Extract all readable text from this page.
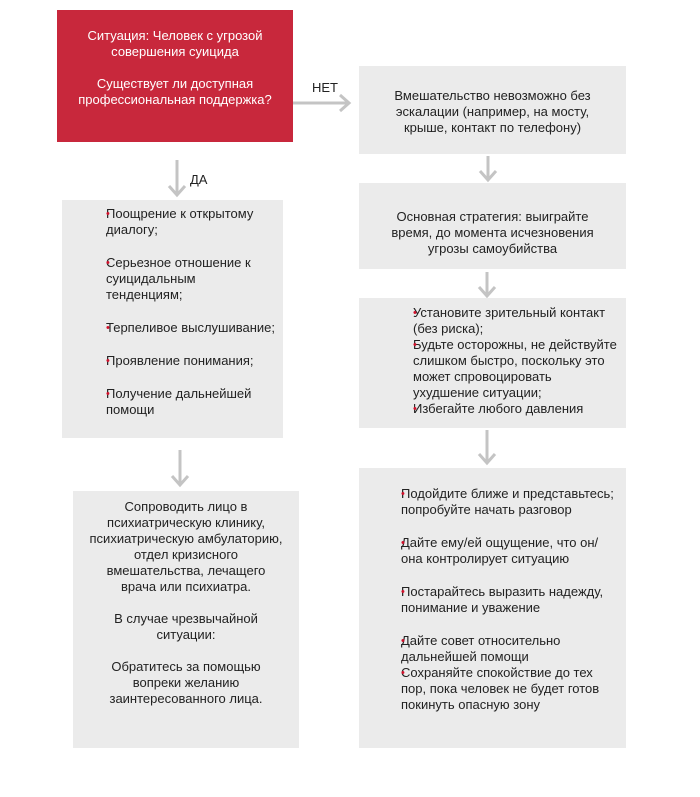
Ситуация: Человек с угрозой совершения суицида

Существует ли доступная профессиональная поддержка?

НЕТ
ДА
• Поощрение к открытому диалогу;
• Серьезное отношение к суицидальным тенденциям;
• Терпеливое выслушивание;
• Проявление понимания;
• Получение дальнейшей помощи

Сопроводить лицо в психиатрическую клинику, психиатрическую амбулаторию, отдел кризисного вмешательства, лечащего врача или психиатра.

В случае чрезвычайной ситуации:

Обратитесь за помощью вопреки желанию заинтересованного лица.

Вмешательство невозможно без эскалации (например, на мосту, крыше, контакт по телефону)

Основная стратегия: выиграйте время, до момента исчезновения угрозы самоубийства

• Установите зрительный контакт (без риска);
• Будьте осторожны, не действуйте слишком быстро, поскольку это может спровоцировать ухудшение ситуации;
• Избегайте любого давления
• Подойдите ближе и представьтесь; попробуйте начать разговор
• Дайте ему/ей ощущение, что он/она контролирует ситуацию
• Постарайтесь выразить надежду, понимание и уважение
• Дайте совет относительно дальнейшей помощи
• Сохраняйте спокойствие до тех пор, пока человек не будет готов покинуть опасную зону
